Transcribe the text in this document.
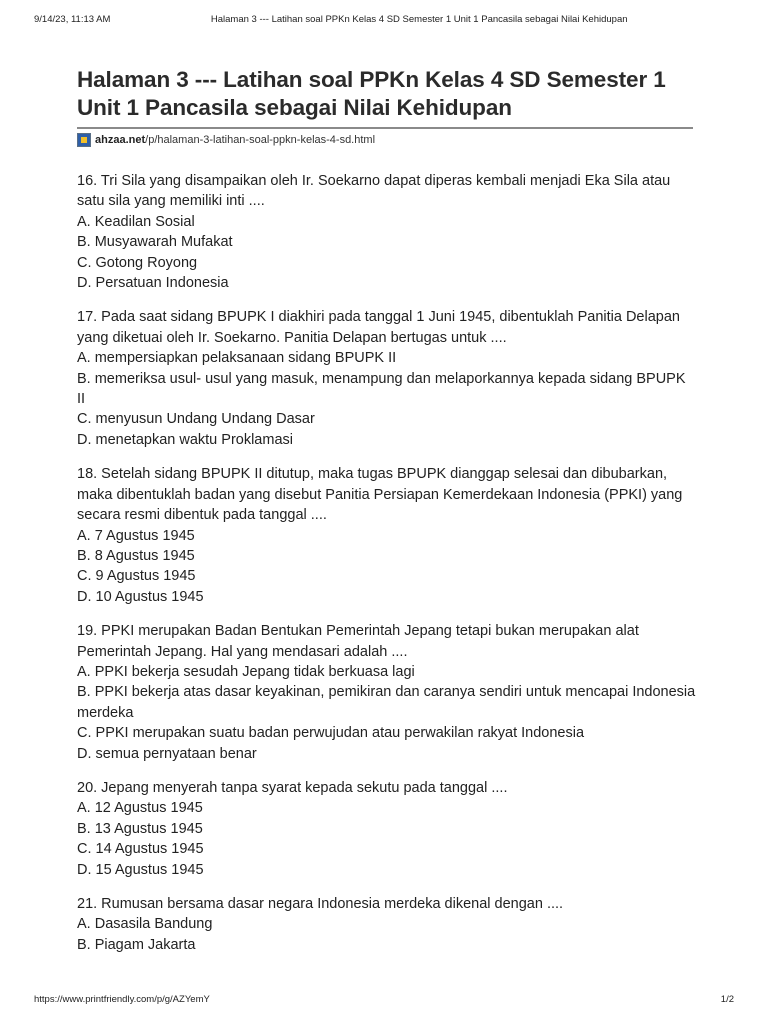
9/14/23, 11:13 AM	Halaman 3 --- Latihan soal PPKn Kelas 4 SD Semester 1 Unit 1 Pancasila sebagai Nilai Kehidupan
Halaman 3 --- Latihan soal PPKn Kelas 4 SD Semester 1 Unit 1 Pancasila sebagai Nilai Kehidupan
ahzaa.net /p/halaman-3-latihan-soal-ppkn-kelas-4-sd.html

16. Tri Sila yang disampaikan oleh Ir. Soekarno dapat diperas kembali menjadi Eka Sila atau satu sila yang memiliki inti ....

A. Keadilan Sosial

B. Musyawarah Mufakat

C. Gotong Royong

D. Persatuan Indonesia

17. Pada saat sidang BPUPK I diakhiri pada tanggal 1 Juni 1945, dibentuklah Panitia Delapan yang diketuai oleh Ir. Soekarno. Panitia Delapan bertugas untuk ....

A. mempersiapkan pelaksanaan sidang BPUPK II

B. memeriksa usul- usul yang masuk, menampung dan melaporkannya kepada sidang BPUPK II

C. menyusun Undang Undang Dasar

D. menetapkan waktu Proklamasi

18. Setelah sidang BPUPK II ditutup, maka tugas BPUPK dianggap selesai dan dibubarkan, maka dibentuklah badan yang disebut Panitia Persiapan Kemerdekaan Indonesia (PPKI) yang secara resmi dibentuk pada tanggal ....

A. 7 Agustus 1945

B. 8 Agustus 1945

C. 9 Agustus 1945

D. 10 Agustus 1945

19. PPKI merupakan Badan Bentukan Pemerintah Jepang tetapi bukan merupakan alat Pemerintah Jepang. Hal yang mendasari adalah ....

A. PPKI bekerja sesudah Jepang tidak berkuasa lagi

B. PPKI bekerja atas dasar keyakinan, pemikiran dan caranya sendiri untuk mencapai Indonesia merdeka

C. PPKI merupakan suatu badan perwujudan atau perwakilan rakyat Indonesia

D. semua pernyataan benar

20. Jepang menyerah tanpa syarat kepada sekutu pada tanggal ....

A. 12 Agustus 1945

B. 13 Agustus 1945

C. 14 Agustus 1945

D. 15 Agustus 1945

21. Rumusan bersama dasar negara Indonesia merdeka dikenal dengan ....

A. Dasasila Bandung

B. Piagam Jakarta

https://www.printfriendly.com/p/g/AZYemY	1/2
